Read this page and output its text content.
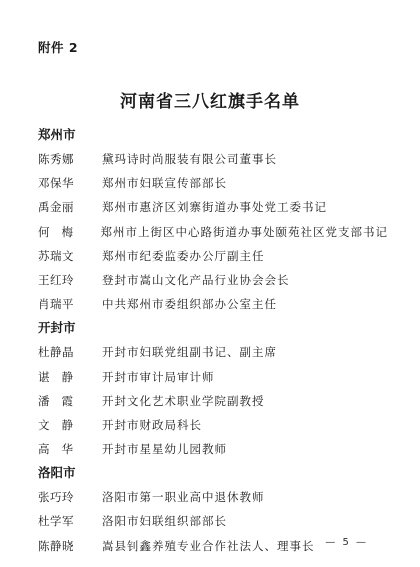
附件 2
河南省三八红旗手名单
郑州市
陈秀娜	黛玛诗时尚服装有限公司董事长
邓保华	郑州市妇联宣传部部长
禹金丽	郑州市惠济区刘寨街道办事处党工委书记
何梅	郑州市上街区中心路街道办事处颐苑社区党支部书记
苏瑞文	郑州市纪委监委办公厅副主任
王红玲	登封市嵩山文化产品行业协会会长
肖瑞平	中共郑州市委组织部办公室主任
开封市
杜静晶	开封市妇联党组副书记、副主席
谌静	开封市审计局审计师
潘霞	开封文化艺术职业学院副教授
文静	开封市财政局科长
高华	开封市星星幼儿园教师
洛阳市
张巧玲	洛阳市第一职业高中退休教师
杜学军	洛阳市妇联组织部部长
陈静晓	嵩县钊鑫养殖专业合作社法人、理事长 — 5 —
